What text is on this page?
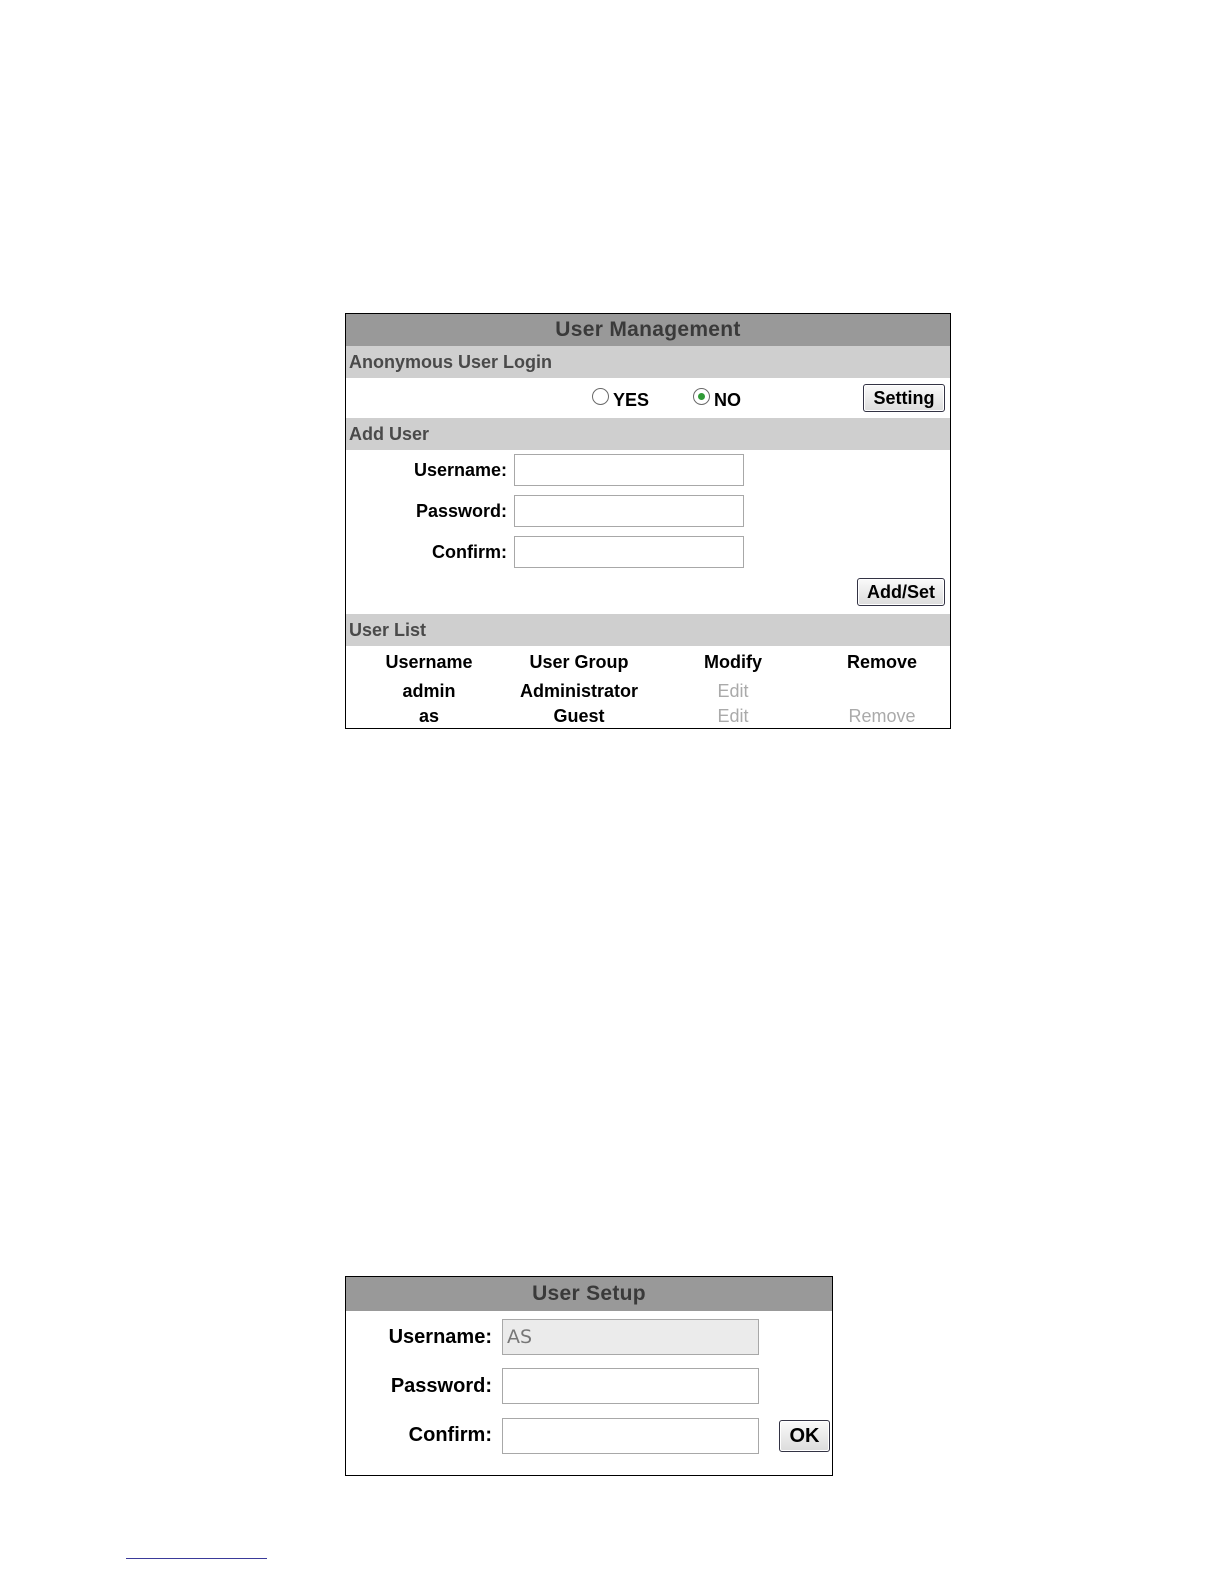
User Management
Anonymous User Login
YES	NO	Setting
Add User
Username:
Password:
Confirm:
Add/Set
User List
Username	User Group	Modify	Remove
admin	Administrator	Edit
as	Guest	Edit	Remove
User Setup
Username: AS
Password:
Confirm:	OK
